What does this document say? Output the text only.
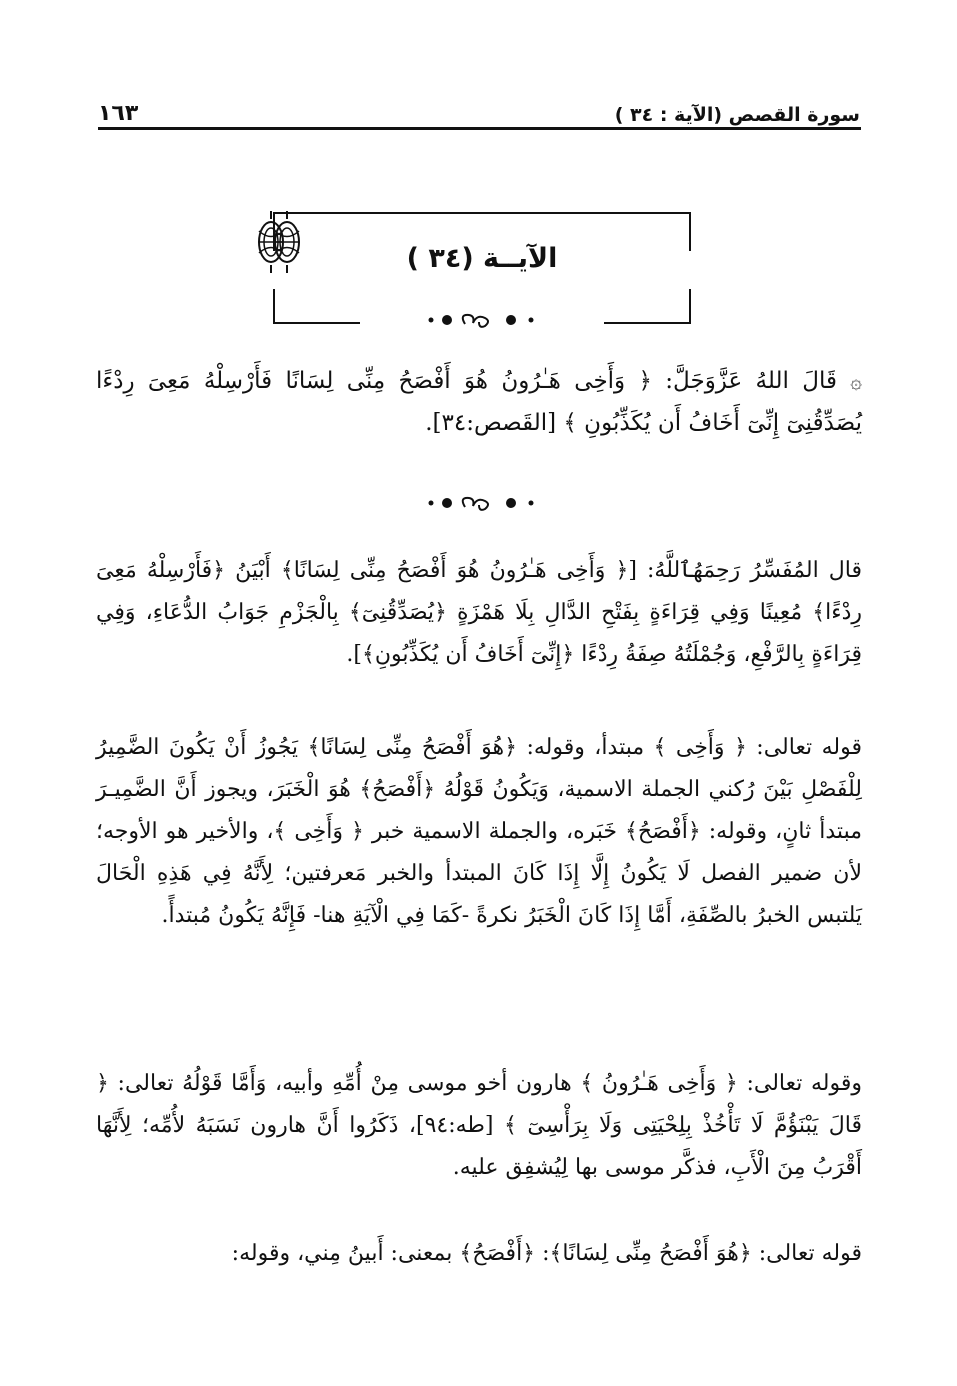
سورة القصص (الآية : ٣٤ )
١٦٣
الآيــة (٣٤ )

۞ قَالَ اللهُ عَزَّوَجَلَّ: ﴿ وَأَخِى هَـٰرُونُ هُوَ أَفْصَحُ مِنِّى لِسَانًا فَأَرْسِلْهُ مَعِىَ رِدْءًا يُصَدِّقُنِىٓ إِنِّىٓ أَخَافُ أَن يُكَذِّبُونِ ﴾ [القَصص:٣٤].

قال المُفَسِّرُ رَحِمَهُٱللَّهُ: [﴿ وَأَخِى هَـٰرُونُ هُوَ أَفْصَحُ مِنِّى لِسَانًا﴾ أَبْيَنُ ﴿فَأَرْسِلْهُ مَعِىَ رِدْءًا﴾ مُعِينًا وَفِي قِرَاءَةٍ بِفَتْحِ الدَّالِ بِلَا هَمْزَةٍ ﴿يُصَدِّقُنِىٓ﴾ بِالْجَزْمِ جَوَابُ الدُّعَاءِ، وَفِي قِرَاءَةٍ بِالرَّفْعِ، وَجُمْلَتُهُ صِفَةُ رِدْءًا ﴿إِنِّىٓ أَخَافُ أَن يُكَذِّبُونِ﴾].

قوله تعالى: ﴿ وَأَخِى ﴾ مبتدأ، وقوله: ﴿هُوَ أَفْصَحُ مِنِّى لِسَانًا﴾ يَجُوزُ أَنْ يَكُونَ الضَّمِيرُ لِلْفَصْلِ بَيْنَ رُكني الجملة الاسمية، وَيَكُونُ قَوْلُهُ ﴿أَفْصَحُ﴾ هُوَ الْخَبَرَ، ويجوز أَنَّ الضَّمِيـرَ مبتدأ ثانٍ، وقوله: ﴿أَفْصَحُ﴾ خَبَره، والجملة الاسمية خبر ﴿ وَأَخِى ﴾، والأخير هو الأوجه؛ لأن ضمير الفصل لَا يَكُونُ إِلَّا إِذَا كَانَ المبتدأ والخبر مَعرفتين؛ لِأَنَّهُ فِي هَذِهِ الْحَالَ يَلتبس الخبرُ بالصِّفَةِ، أَمَّا إِذَا كَانَ الْخَبَرُ نكرةً -كَمَا فِي الْآيَةِ هنا- فَإِنَّهُ يَكُونُ مُبتدأً.

وقوله تعالى: ﴿ وَأَخِى هَـٰرُونُ ﴾ هارون أخو موسى مِنْ أُمِّهِ وأبيه، وَأَمَّا قَوْلُهُ تعالى: ﴿ قَالَ يَبْنَؤُمَّ لَا تَأْخُذْ بِلِحْيَتِى وَلَا بِرَأْسِىٓ ﴾ [طه:٩٤]، ذَكَرُوا أَنَّ هارون نَسَبَهُ لأُمِّه؛ لِأَنَّهَا أَقْرَبُ مِنَ الْأَبِ، فذكَّر موسى بها لِيُشفِق عليه.

قوله تعالى: ﴿هُوَ أَفْصَحُ مِنِّى لِسَانًا﴾: ﴿أَفْصَحُ﴾ بمعنى: أَبينُ مِني، وقوله:
